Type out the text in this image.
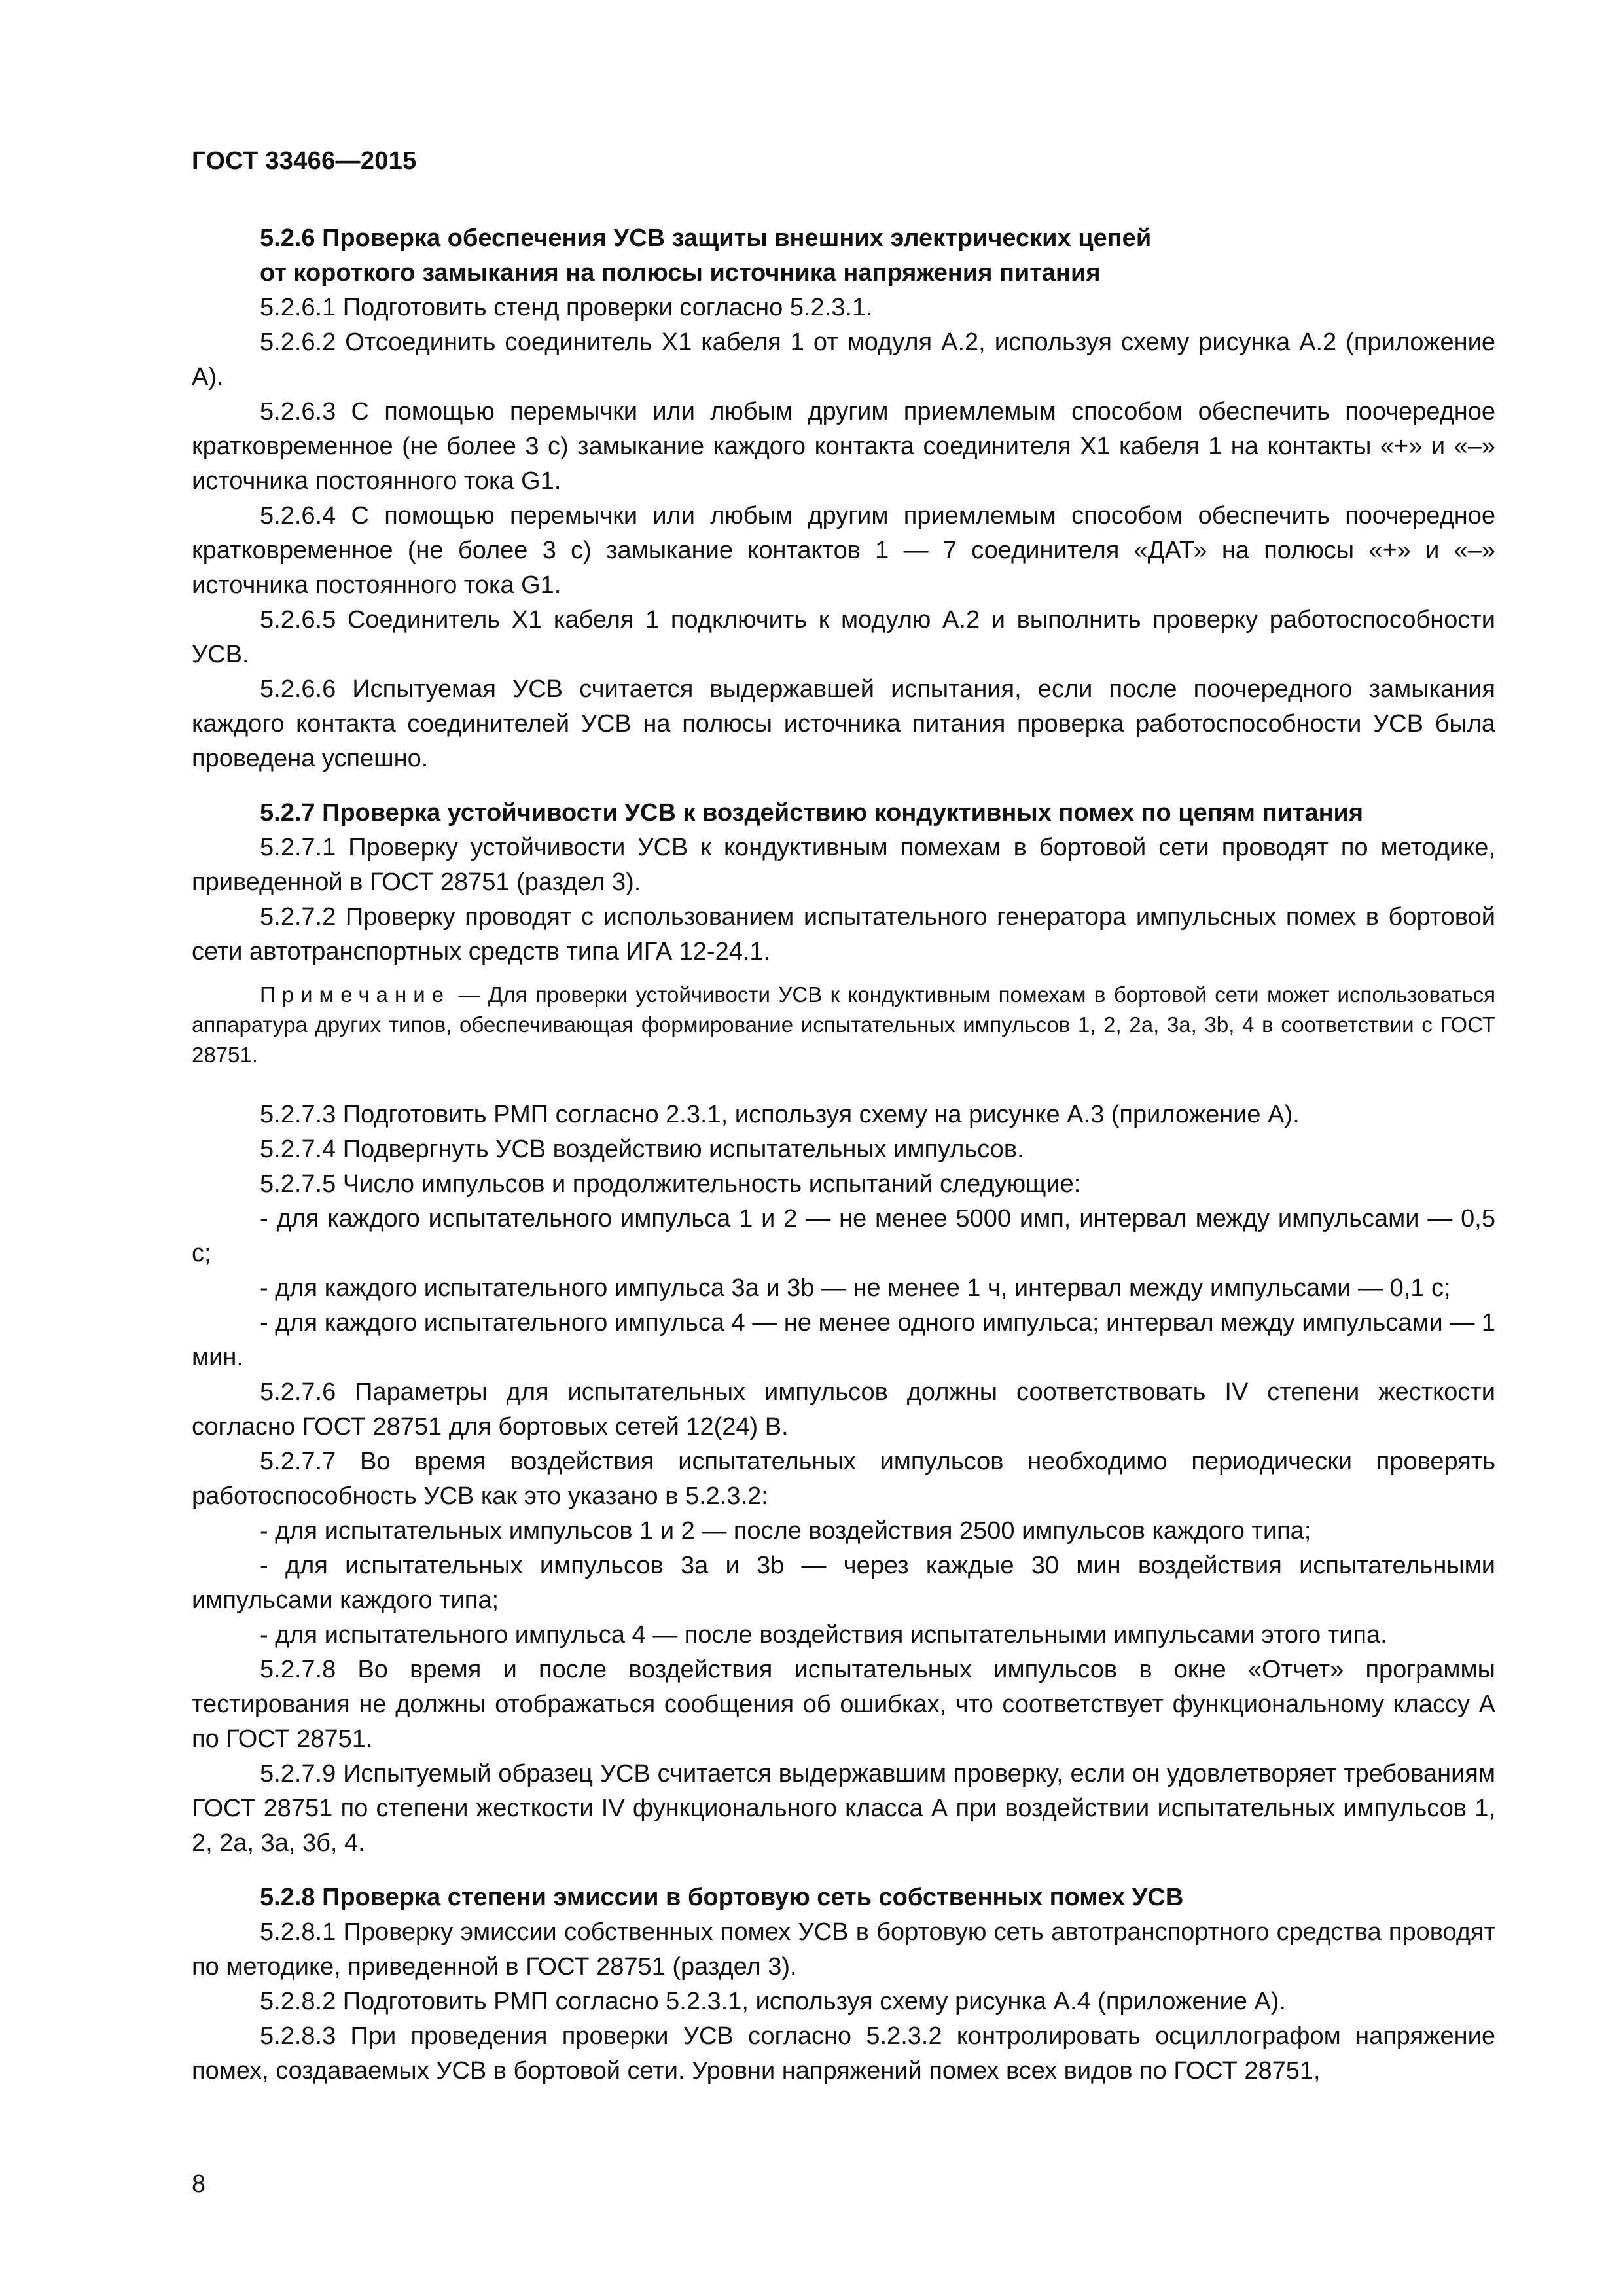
ГОСТ 33466—2015

5.2.6 Проверка обеспечения УСВ защиты внешних электрических цепей

от короткого замыкания на полюсы источника напряжения питания

5.2.6.1 Подготовить стенд проверки согласно 5.2.3.1.

5.2.6.2 Отсоединить соединитель Х1 кабеля 1 от модуля А.2, используя схему рисунка А.2 (приложение А).

5.2.6.3 С помощью перемычки или любым другим приемлемым способом обеспечить поочередное кратковременное (не более 3 с) замыкание каждого контакта соединителя Х1 кабеля 1 на контакты «+» и «–» источника постоянного тока G1.

5.2.6.4 С помощью перемычки или любым другим приемлемым способом обеспечить поочередное кратковременное (не более 3 с) замыкание контактов 1 — 7 соединителя «ДАТ» на полюсы «+» и «–» источника постоянного тока G1.

5.2.6.5 Соединитель Х1 кабеля 1 подключить к модулю А.2 и выполнить проверку работоспособности УСВ.

5.2.6.6 Испытуемая УСВ считается выдержавшей испытания, если после поочередного замыкания каждого контакта соединителей УСВ на полюсы источника питания проверка работоспособности УСВ была проведена успешно.

5.2.7 Проверка устойчивости УСВ к воздействию кондуктивных помех по цепям питания

5.2.7.1 Проверку устойчивости УСВ к кондуктивным помехам в бортовой сети проводят по методике, приведенной в ГОСТ 28751 (раздел 3).

5.2.7.2 Проверку проводят с использованием испытательного генератора импульсных помех в бортовой сети автотранспортных средств типа ИГА 12-24.1.

Примечание — Для проверки устойчивости УСВ к кондуктивным помехам в бортовой сети может использоваться аппаратура других типов, обеспечивающая формирование испытательных импульсов 1, 2, 2а, 3а, 3b, 4 в соответствии с ГОСТ 28751.

5.2.7.3 Подготовить РМП согласно 2.3.1, используя схему на рисунке А.3 (приложение А).

5.2.7.4 Подвергнуть УСВ воздействию испытательных импульсов.

5.2.7.5 Число импульсов и продолжительность испытаний следующие:

- для каждого испытательного импульса 1 и 2 — не менее 5000 имп, интервал между импульсами — 0,5 с;

- для каждого испытательного импульса 3а и 3b — не менее 1 ч, интервал между импульсами — 0,1 с;

- для каждого испытательного импульса 4 — не менее одного импульса; интервал между импульсами — 1 мин.

5.2.7.6 Параметры для испытательных импульсов должны соответствовать IV степени жесткости согласно ГОСТ 28751 для бортовых сетей 12(24) В.

5.2.7.7 Во время воздействия испытательных импульсов необходимо периодически проверять работоспособность УСВ как это указано в 5.2.3.2:

- для испытательных импульсов 1 и 2 — после воздействия 2500 импульсов каждого типа;

- для испытательных импульсов 3а и 3b — через каждые 30 мин воздействия испытательными импульсами каждого типа;

- для испытательного импульса 4 — после воздействия испытательными импульсами этого типа.

5.2.7.8 Во время и после воздействия испытательных импульсов в окне «Отчет» программы тестирования не должны отображаться сообщения об ошибках, что соответствует функциональному классу А по ГОСТ 28751.

5.2.7.9 Испытуемый образец УСВ считается выдержавшим проверку, если он удовлетворяет требованиям ГОСТ 28751 по степени жесткости IV функционального класса А при воздействии испытательных импульсов 1, 2, 2а, 3а, 3б, 4.

5.2.8 Проверка степени эмиссии в бортовую сеть собственных помех УСВ

5.2.8.1 Проверку эмиссии собственных помех УСВ в бортовую сеть автотранспортного средства проводят по методике, приведенной в ГОСТ 28751 (раздел 3).

5.2.8.2 Подготовить РМП согласно 5.2.3.1, используя схему рисунка А.4 (приложение А).

5.2.8.3 При проведения проверки УСВ согласно 5.2.3.2 контролировать осциллографом напряжение помех, создаваемых УСВ в бортовой сети. Уровни напряжений помех всех видов по ГОСТ 28751,

8
